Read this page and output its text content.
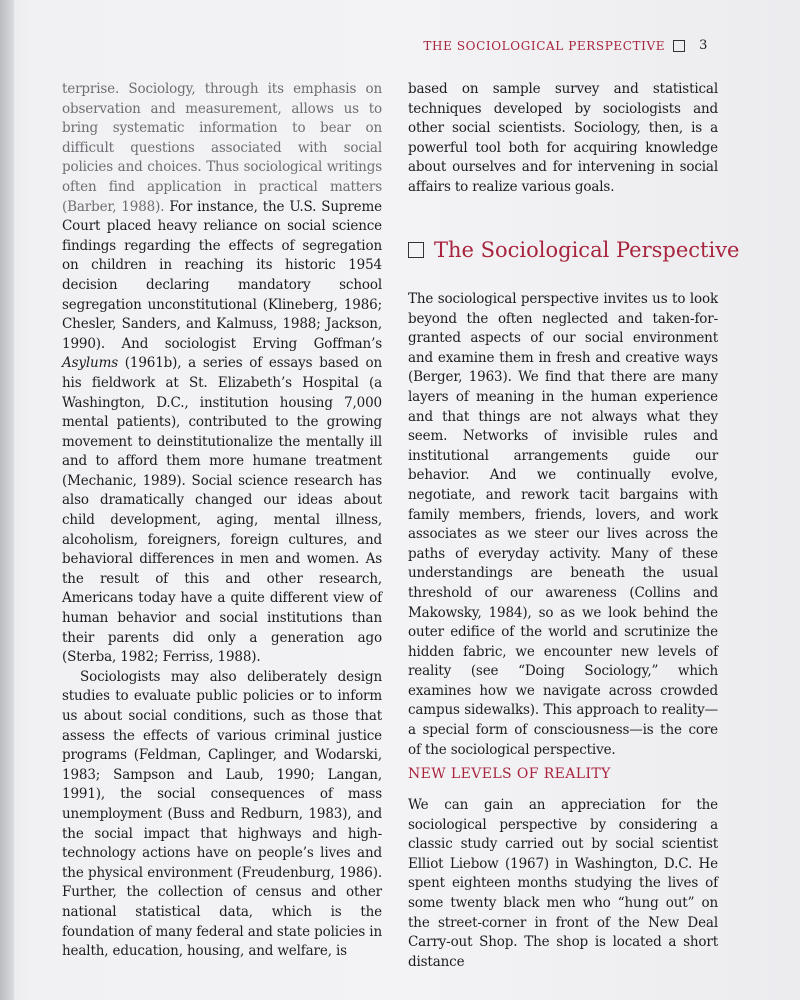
THE SOCIOLOGICAL PERSPECTIVE	3

terprise. Sociology, through its emphasis on observation and measurement, allows us to bring systematic information to bear on difficult questions associated with social policies and choices. Thus sociological writings often find application in practical matters (Barber, 1988). For instance, the U.S. Supreme Court placed heavy reliance on social science findings regarding the effects of segregation on children in reaching its historic 1954 decision declaring mandatory school segregation unconstitutional (Klineberg, 1986; Chesler, Sanders, and Kalmuss, 1988; Jackson, 1990). And sociologist Erving Goffman’s Asylums (1961b), a series of essays based on his fieldwork at St. Elizabeth’s Hospital (a Washington, D.C., institution housing 7,000 mental patients), contributed to the growing movement to deinstitutionalize the mentally ill and to afford them more humane treatment (Mechanic, 1989). Social science research has also dramatically changed our ideas about child development, aging, mental illness, alcoholism, foreigners, foreign cultures, and behavioral differences in men and women. As the result of this and other research, Americans today have a quite different view of human behavior and social institutions than their parents did only a generation ago (Sterba, 1982; Ferriss, 1988).

Sociologists may also deliberately design studies to evaluate public policies or to inform us about social conditions, such as those that assess the effects of various criminal justice programs (Feldman, Caplinger, and Wodarski, 1983; Sampson and Laub, 1990; Langan, 1991), the social consequences of mass unemployment (Buss and Redburn, 1983), and the social impact that highways and high-technology actions have on people’s lives and the physical environment (Freudenburg, 1986). Further, the collection of census and other national statistical data, which is the foundation of many federal and state policies in health, education, housing, and welfare, is

based on sample survey and statistical techniques developed by sociologists and other social scientists. Sociology, then, is a powerful tool both for acquiring knowledge about ourselves and for intervening in social affairs to realize various goals.

The Sociological Perspective

The sociological perspective invites us to look beyond the often neglected and taken-for-granted aspects of our social environment and examine them in fresh and creative ways (Berger, 1963). We find that there are many layers of meaning in the human experience and that things are not always what they seem. Networks of invisible rules and institutional arrangements guide our behavior. And we continually evolve, negotiate, and rework tacit bargains with family members, friends, lovers, and work associates as we steer our lives across the paths of everyday activity. Many of these understandings are beneath the usual threshold of our awareness (Collins and Makowsky, 1984), so as we look behind the outer edifice of the world and scrutinize the hidden fabric, we encounter new levels of reality (see “Doing Sociology,” which examines how we navigate across crowded campus sidewalks). This approach to reality—a special form of consciousness—is the core of the sociological perspective.

NEW LEVELS OF REALITY

We can gain an appreciation for the sociological perspective by considering a classic study carried out by social scientist Elliot Liebow (1967) in Washington, D.C. He spent eighteen months studying the lives of some twenty black men who “hung out” on the street-corner in front of the New Deal Carry-out Shop. The shop is located a short distance
